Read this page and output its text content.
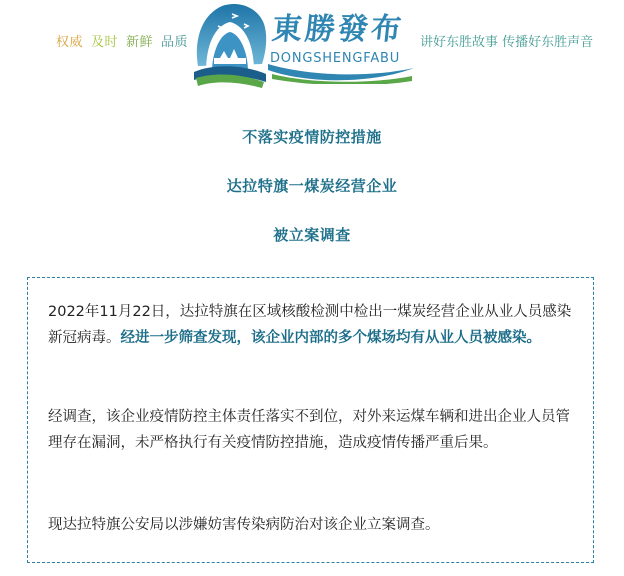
权威 及时 新鲜 品质	東勝發布
DONGSHENGFABU
讲好东胜故事 传播好东胜声音
不落实疫情防控措施
达拉特旗一煤炭经营企业
被立案调查

2022年11月22日，达拉特旗在区域核酸检测中检出一煤炭经营企业从业人员感染新冠病毒。经进一步筛查发现，该企业内部的多个煤场均有从业人员被感染。

经调查，该企业疫情防控主体责任落实不到位，对外来运煤车辆和进出企业人员管理存在漏洞，未严格执行有关疫情防控措施，造成疫情传播严重后果。

现达拉特旗公安局以涉嫌妨害传染病防治对该企业立案调查。
